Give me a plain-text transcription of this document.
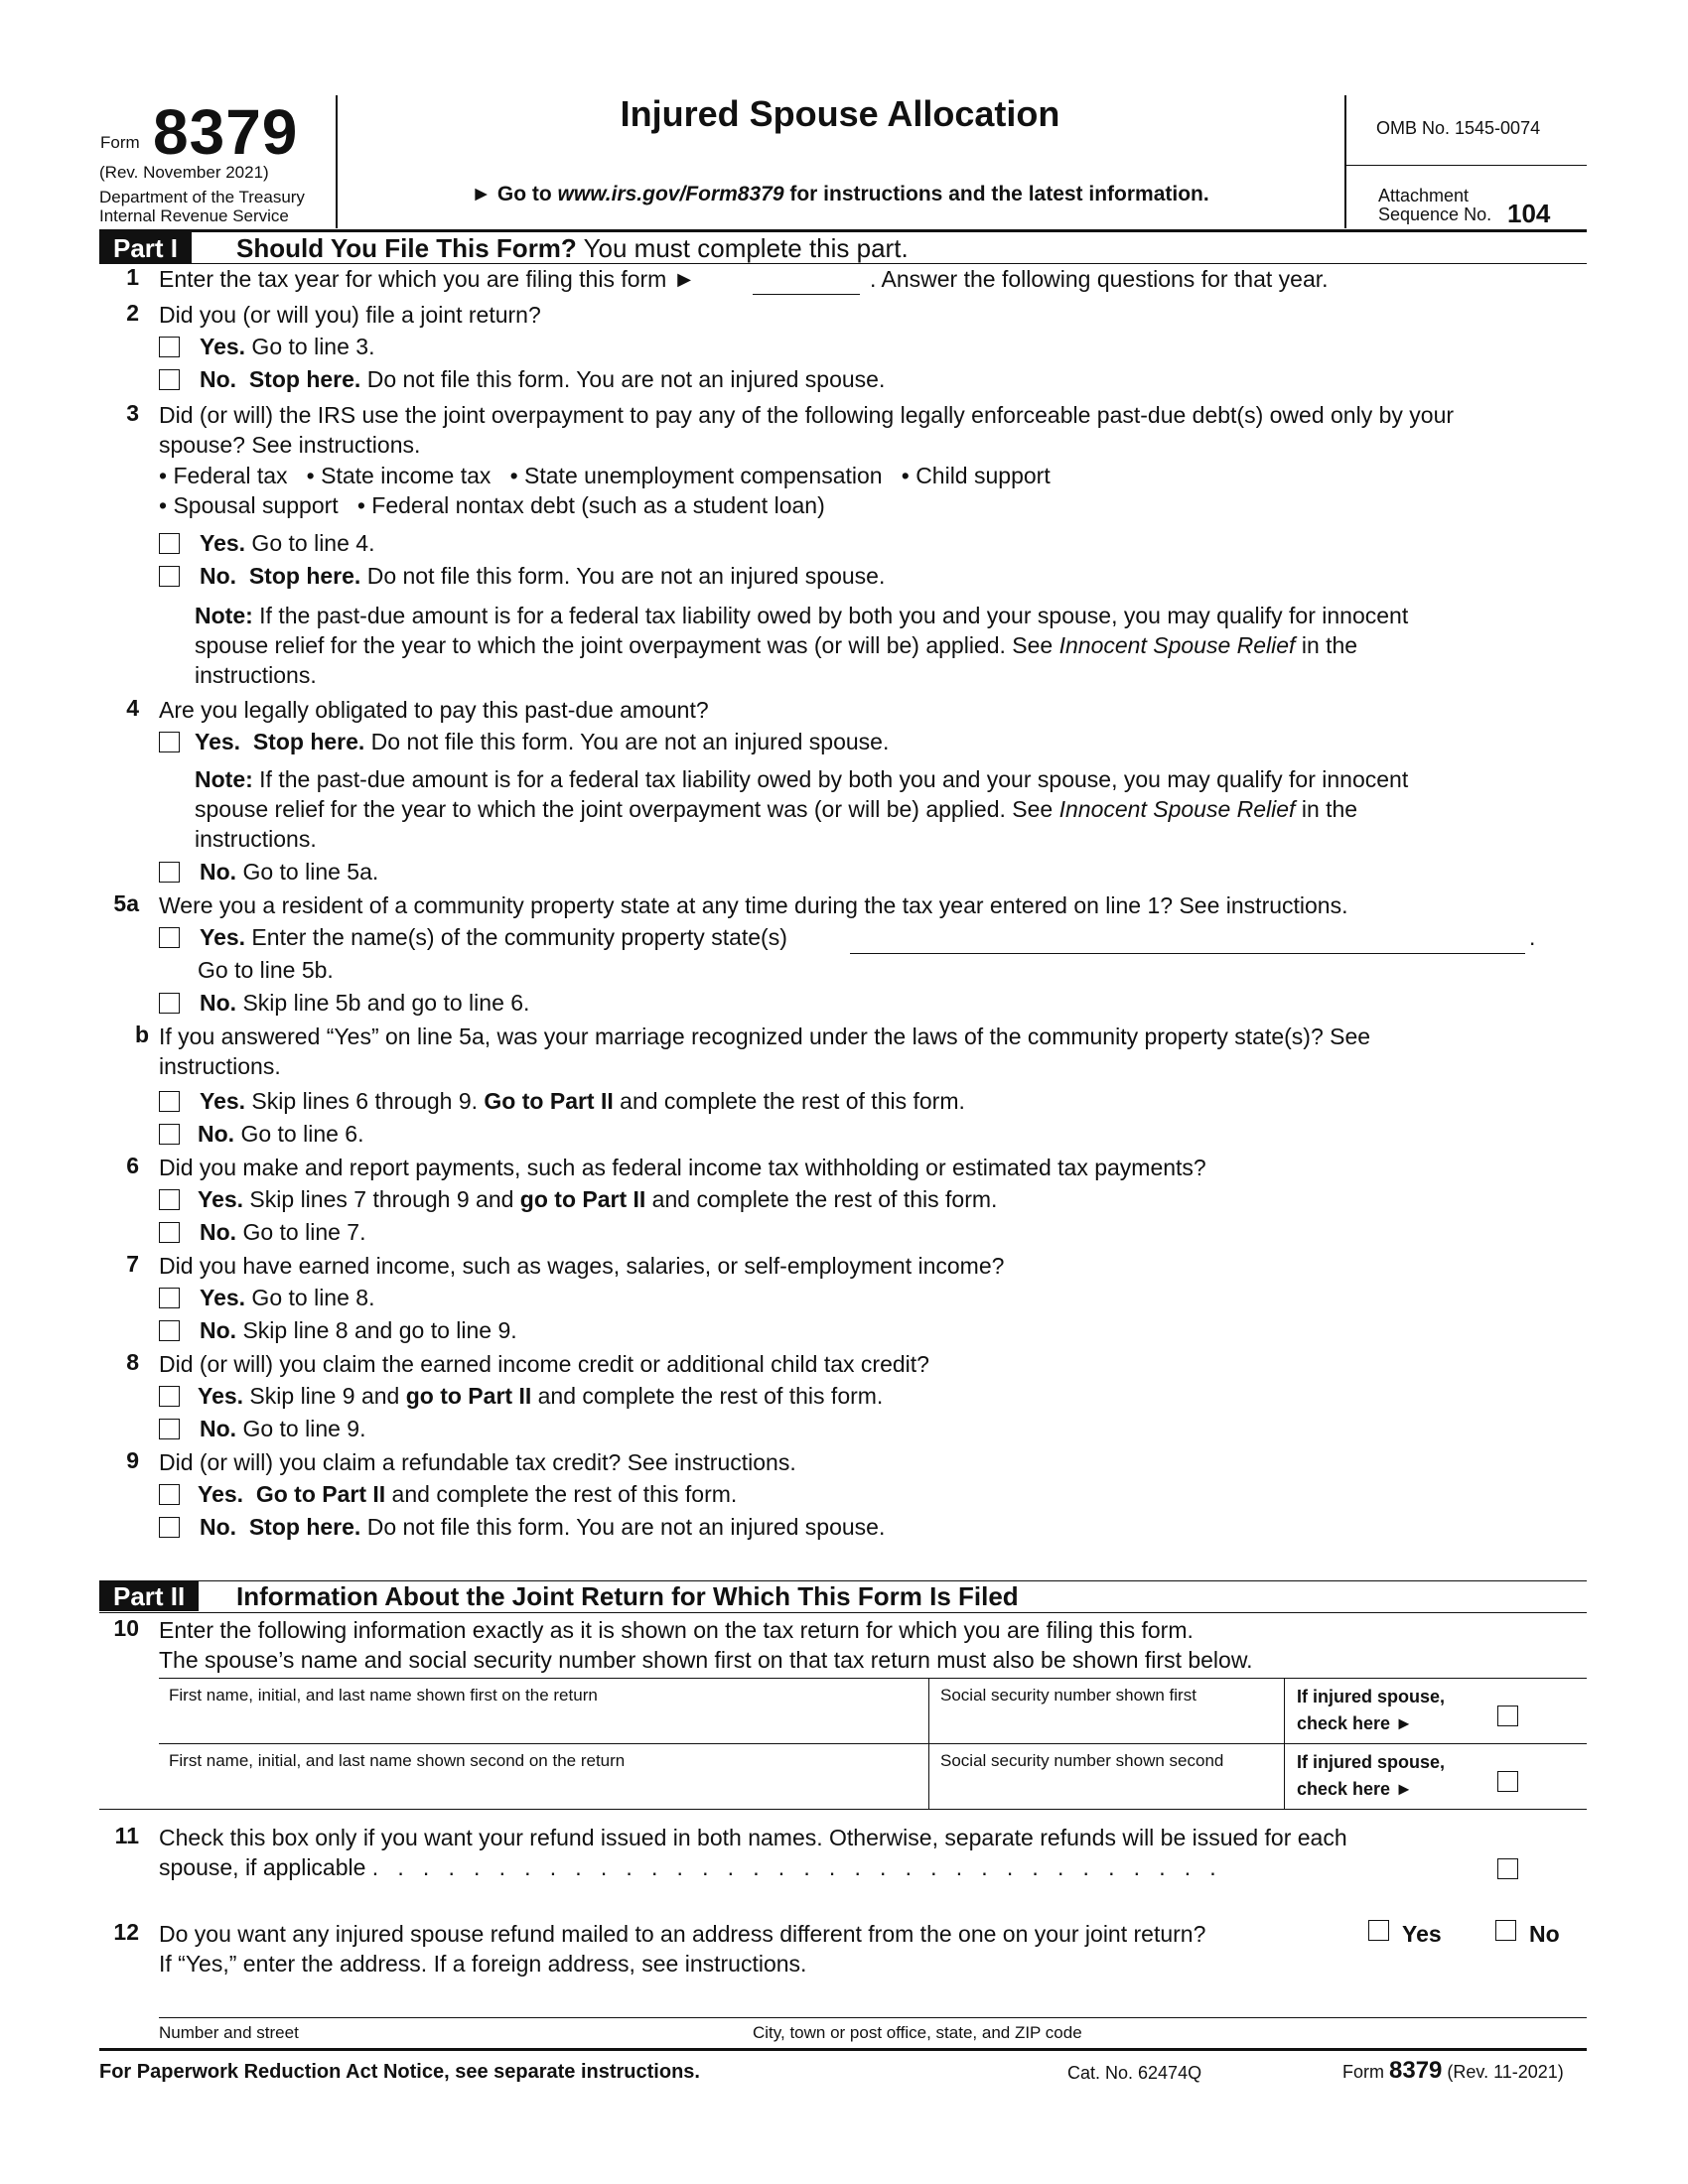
Form 8379
(Rev. November 2021)
Department of the Treasury
Internal Revenue Service
Injured Spouse Allocation
► Go to www.irs.gov/Form8379 for instructions and the latest information.
OMB No. 1545-0074
Attachment
Sequence No. 104
Part I	Should You File This Form? You must complete this part.
1 Enter the tax year for which you are filing this form ►	. Answer the following questions for that year.
2 Did you (or will you) file a joint return?
Yes. Go to line 3.
No. Stop here. Do not file this form. You are not an injured spouse.
3 Did (or will) the IRS use the joint overpayment to pay any of the following legally enforceable past-due debt(s) owed only by your
spouse? See instructions.
• Federal tax   • State income tax   • State unemployment compensation   • Child support
• Spousal support   • Federal nontax debt (such as a student loan)
Yes. Go to line 4.
No. Stop here. Do not file this form. You are not an injured spouse.
Note: If the past-due amount is for a federal tax liability owed by both you and your spouse, you may qualify for innocent
spouse relief for the year to which the joint overpayment was (or will be) applied. See Innocent Spouse Relief in the
instructions.
4 Are you legally obligated to pay this past-due amount?
Yes. Stop here. Do not file this form. You are not an injured spouse.
Note: If the past-due amount is for a federal tax liability owed by both you and your spouse, you may qualify for innocent
spouse relief for the year to which the joint overpayment was (or will be) applied. See Innocent Spouse Relief in the
instructions.
No. Go to line 5a.
5a Were you a resident of a community property state at any time during the tax year entered on line 1? See instructions.
Yes. Enter the name(s) of the community property state(s)	.
Go to line 5b.
No. Skip line 5b and go to line 6.
b If you answered “Yes” on line 5a, was your marriage recognized under the laws of the community property state(s)? See
instructions.
Yes. Skip lines 6 through 9. Go to Part II and complete the rest of this form.
No. Go to line 6.
6 Did you make and report payments, such as federal income tax withholding or estimated tax payments?
Yes. Skip lines 7 through 9 and go to Part II and complete the rest of this form.
No. Go to line 7.
7 Did you have earned income, such as wages, salaries, or self-employment income?
Yes. Go to line 8.
No. Skip line 8 and go to line 9.
8 Did (or will) you claim the earned income credit or additional child tax credit?
Yes. Skip line 9 and go to Part II and complete the rest of this form.
No. Go to line 9.
9 Did (or will) you claim a refundable tax credit? See instructions.
Yes. Go to Part II and complete the rest of this form.
No. Stop here. Do not file this form. You are not an injured spouse.
Part II	Information About the Joint Return for Which This Form Is Filed
10 Enter the following information exactly as it is shown on the tax return for which you are filing this form.
The spouse’s name and social security number shown first on that tax return must also be shown first below.
First name, initial, and last name shown first on the return	Social security number shown first	If injured spouse,
check here ►
First name, initial, and last name shown second on the return	Social security number shown second	If injured spouse,
check here ►
11 Check this box only if you want your refund issued in both names. Otherwise, separate refunds will be issued for each
spouse, if applicable .   .   .   .   .   .   .   .   .   .   .   .   .   .   .   .   .   .   .   .   .   .   .   .   .   .   .   .   .   .   .   .   .   .
12 Do you want any injured spouse refund mailed to an address different from the one on your joint return?
If “Yes,” enter the address. If a foreign address, see instructions.
Yes	No
Number and street	City, town or post office, state, and ZIP code
For Paperwork Reduction Act Notice, see separate instructions.	Cat. No. 62474Q	Form 8379 (Rev. 11-2021)
